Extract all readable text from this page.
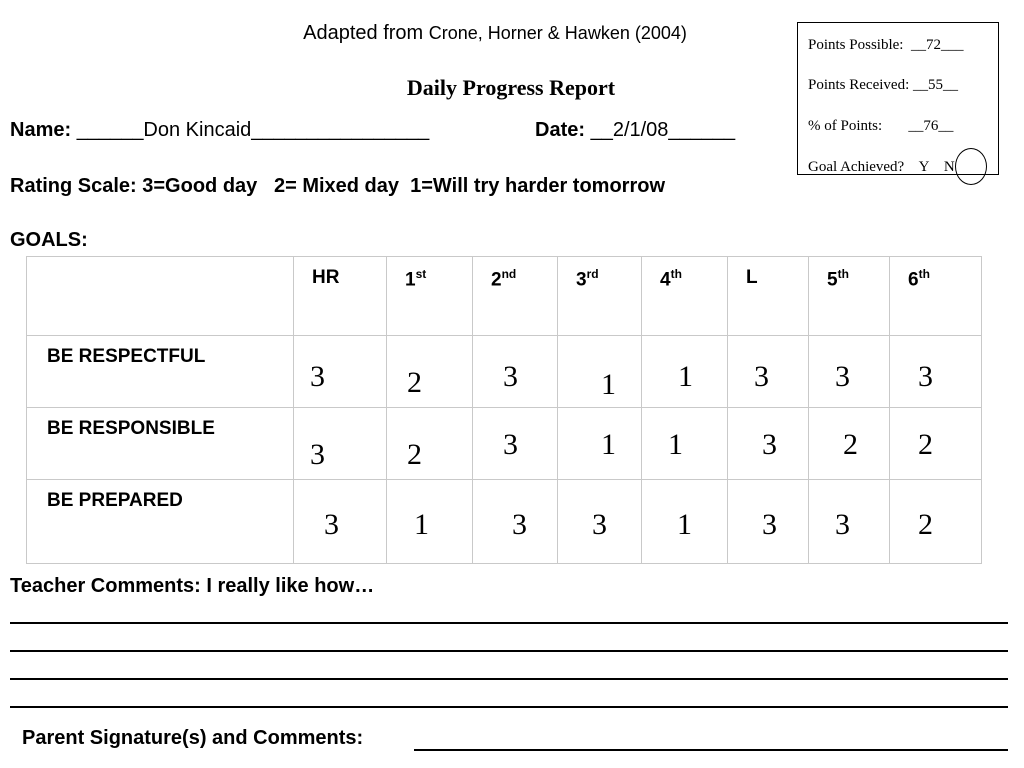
Adapted from Crone, Horner & Hawken (2004)
Daily Progress Report
Name: ______Don Kincaid________________	Date: __2/1/08______
Rating Scale: 3=Good day   2= Mixed day  1=Will try harder tomorrow
GOALS:
Points Possible:  __72___
Points Received: __55__
% of Points:       __76__
Goal Achieved?    Y    N
	HR	1st	2nd	3rd	4th	L	5th	6th
BE RESPECTFUL	3	2	3	1	1	3	3	3

BE RESPONSIBLE	3	2	3	1	1	3	2	2

BE PREPARED	3	1	3	3	1	3	3	2
Teacher Comments: I really like how…
Parent Signature(s) and Comments:
